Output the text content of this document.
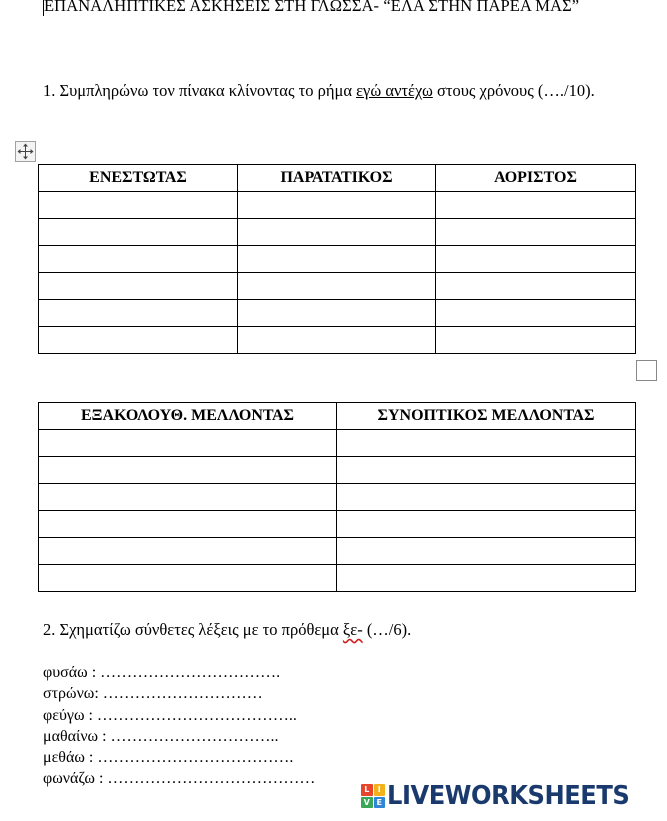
ΕΠΑΝΑΛΗΠΤΙΚΕΣ ΑΣΚΗΣΕΙΣ ΣΤΗ ΓΛΩΣΣΑ- “ΕΛΑ ΣΤΗΝ ΠΑΡΕΑ ΜΑΣ”
1. Συμπληρώνω τον πίνακα κλίνοντας το ρήμα εγώ αντέχω στους χρόνους (…./10).
ΕΝΕΣΤΩΤΑΣ	ΠΑΡΑΤΑΤΙΚΟΣ	ΑΟΡΙΣΤΟΣ

ΕΞΑΚΟΛΟΥΘ. ΜΕΛΛΟΝΤΑΣ	ΣΥΝΟΠΤΙΚΟΣ ΜΕΛΛΟΝΤΑΣ

2. Σχηματίζω σύνθετες λέξεις με το πρόθεμα ξε- (…/6).
φυσάω : …………………………….
στρώνω: …………………………
φεύγω : ………………………………..
μαθαίνω : …………………………..
μεθάω : ……………………………….
φωνάζω : …………………………………
L	I
V E LIVEWORKSHEETS
